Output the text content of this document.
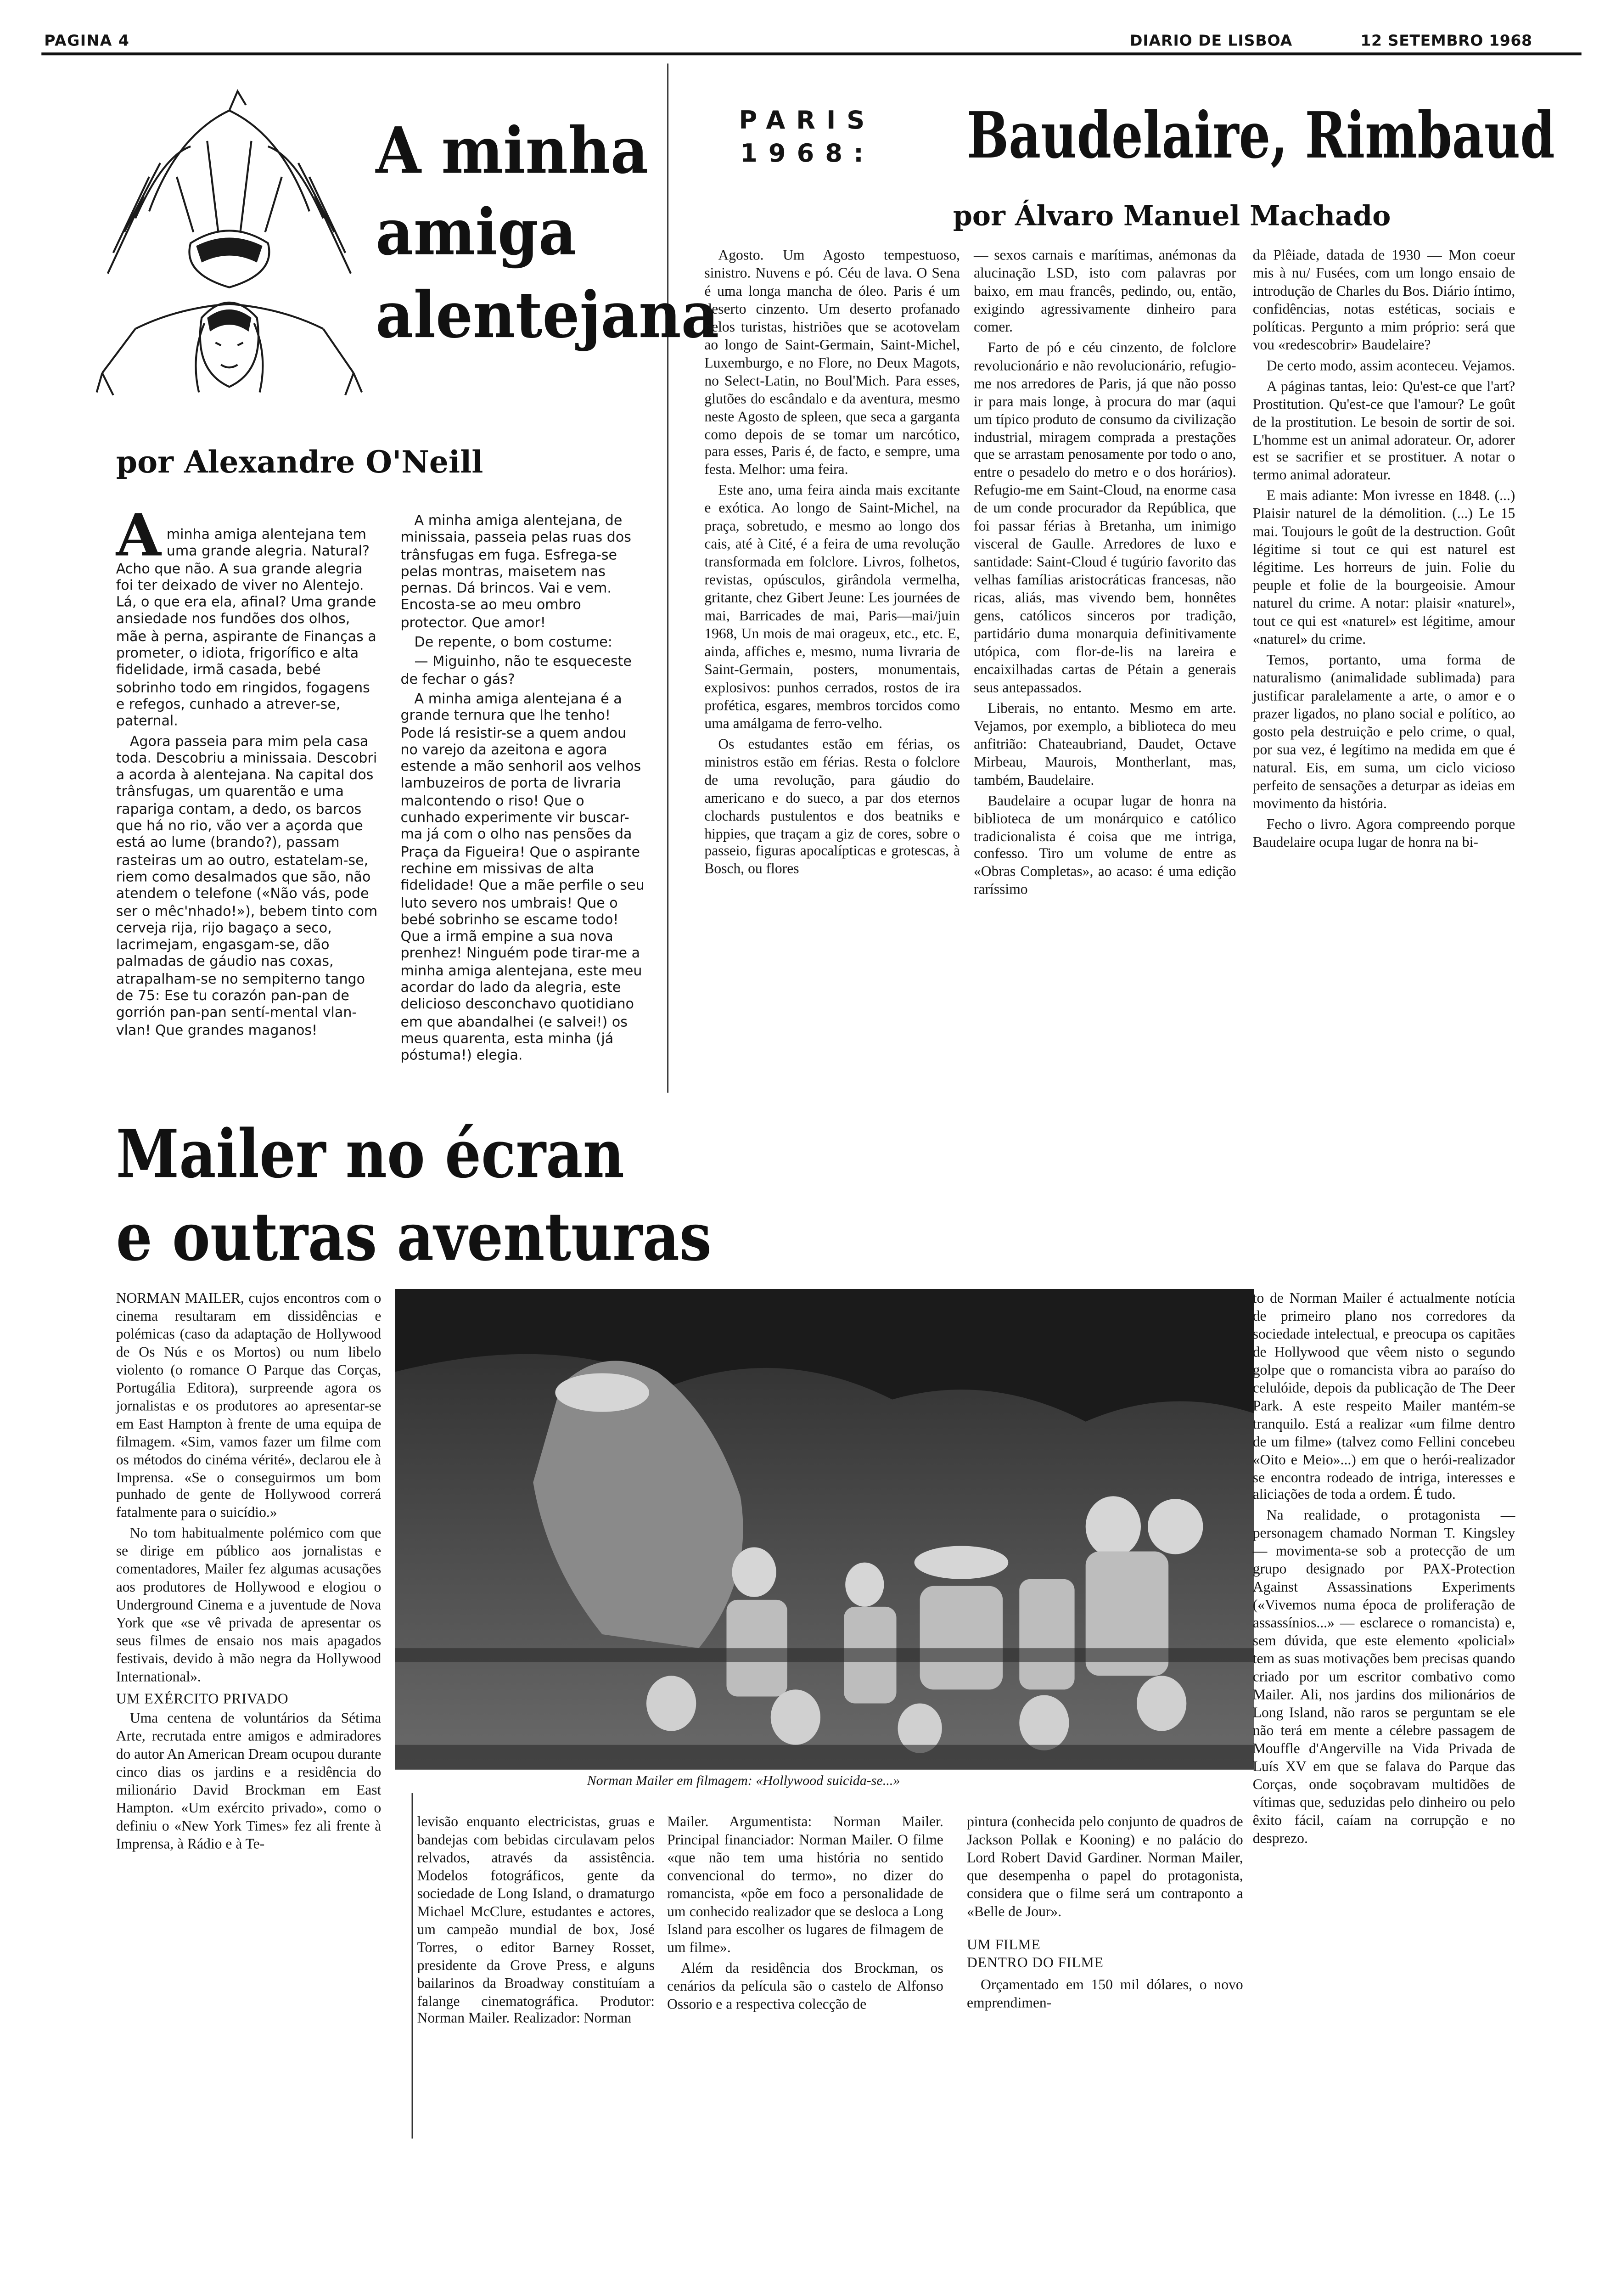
PAGINA 4	DIARIO DE LISBOA	12 SETEMBRO 1968
A minha
amiga
alentejana
por Alexandre O'Neill
A	minha amiga alentejana tem uma grande alegria. Natural? Acho que não. A sua grande alegria foi ter deixado de viver no Alentejo. Lá, o que era ela, afinal? Uma grande ansiedade nos fundões dos olhos, mãe à perna, aspirante de Finanças a prometer, o idiota, frigorífico e alta fidelidade, irmã casada, bebé sobrinho todo em ringidos, fogagens e refegos, cunhado a atrever-se, paternal.

Agora passeia para mim pela casa toda. Descobriu a minissaia. Descobri a acorda à alentejana. Na capital dos trânsfugas, um quarentão e uma rapariga contam, a dedo, os barcos que há no rio, vão ver a açorda que está ao lume (brando?), passam rasteiras um ao outro, estatelam-se, riem como desalmados que são, não atendem o telefone («Não vás, pode ser o mêc'nhado!»), bebem tinto com cerveja rija, rijo bagaço a seco, lacrimejam, engasgam-se, dão palmadas de gáudio nas coxas, atrapalham-se no sempiterno tango de 75: Ese tu corazón pan-pan de gorrión pan-pan sentí-mental vlan-vlan! Que grandes maganos!

A minha amiga alentejana, de minissaia, passeia pelas ruas dos trânsfugas em fuga. Esfrega-se pelas montras, maisetem nas pernas. Dá brincos. Vai e vem. Encosta-se ao meu ombro protector. Que amor!

De repente, o bom costume:

— Miguinho, não te esqueceste de fechar o gás?

A minha amiga alentejana é a grande ternura que lhe tenho! Pode lá resistir-se a quem andou no varejo da azeitona e agora estende a mão senhoril aos velhos lambuzeiros de porta de livraria malcontendo o riso! Que o cunhado experimente vir buscar-ma já com o olho nas pensões da Praça da Figueira! Que o aspirante rechine em missivas de alta fidelidade! Que a mãe perfile o seu luto severo nos umbrais! Que o bebé sobrinho se escame todo! Que a irmã empine a sua nova prenhez! Ninguém pode tirar-me a minha amiga alentejana, este meu acordar do lado da alegria, este delicioso desconchavo quotidiano em que abandalhei (e salvei!) os meus quarenta, esta minha (já póstuma!) elegia.

PARIS
1968:	Baudelaire, Rimbaud
por Álvaro Manuel Machado

Agosto. Um Agosto tempestuoso, sinistro. Nuvens e pó. Céu de lava. O Sena é uma longa mancha de óleo. Paris é um deserto cinzento. Um deserto profanado pelos turistas, histriões que se acotovelam ao longo de Saint-Germain, Saint-Michel, Luxemburgo, e no Flore, no Deux Magots, no Select-Latin, no Boul'Mich. Para esses, glutões do escândalo e da aventura, mesmo neste Agosto de spleen, que seca a garganta como depois de se tomar um narcótico, para esses, Paris é, de facto, e sempre, uma festa. Melhor: uma feira.

Este ano, uma feira ainda mais excitante e exótica. Ao longo de Saint-Michel, na praça, sobretudo, e mesmo ao longo dos cais, até à Cité, é a feira de uma revolução transformada em folclore. Livros, folhetos, revistas, opúsculos, girândola vermelha, gritante, chez Gibert Jeune: Les journées de mai, Barricades de mai, Paris—mai/juin 1968, Un mois de mai orageux, etc., etc. E, ainda, affiches e, mesmo, numa livraria de Saint-Germain, posters, monumentais, explosivos: punhos cerrados, rostos de ira profética, esgares, membros torcidos como uma amálgama de ferro-velho.

Os estudantes estão em férias, os ministros estão em férias. Resta o folclore de uma revolução, para gáudio do americano e do sueco, a par dos eternos clochards pustulentos e dos beatniks e hippies, que traçam a giz de cores, sobre o passeio, figuras apocalípticas e grotescas, à Bosch, ou flores

— sexos carnais e marítimas, anémonas da alucinação LSD, isto com palavras por baixo, em mau francês, pedindo, ou, então, exigindo agressivamente dinheiro para comer.

Farto de pó e céu cinzento, de folclore revolucionário e não revolucionário, refugio-me nos arredores de Paris, já que não posso ir para mais longe, à procura do mar (aqui um típico produto de consumo da civilização industrial, miragem comprada a prestações que se arrastam penosamente por todo o ano, entre o pesadelo do metro e o dos horários). Refugio-me em Saint-Cloud, na enorme casa de um conde procurador da República, que foi passar férias à Bretanha, um inimigo visceral de Gaulle. Arredores de luxo e santidade: Saint-Cloud é tugúrio favorito das velhas famílias aristocráticas francesas, não ricas, aliás, mas vivendo bem, honnêtes gens, católicos sinceros por tradição, partidário duma monarquia definitivamente utópica, com flor-de-lis na lareira e encaixilhadas cartas de Pétain a generais seus antepassados.

Liberais, no entanto. Mesmo em arte. Vejamos, por exemplo, a biblioteca do meu anfitrião: Chateaubriand, Daudet, Octave Mirbeau, Maurois, Montherlant, mas, também, Baudelaire.

Baudelaire a ocupar lugar de honra na biblioteca de um monárquico e católico tradicionalista é coisa que me intriga, confesso. Tiro um volume de entre as «Obras Completas», ao acaso: é uma edição raríssimo

da Plêiade, datada de 1930 — Mon coeur mis à nu/ Fusées, com um longo ensaio de introdução de Charles du Bos. Diário íntimo, confidências, notas estéticas, sociais e políticas. Pergunto a mim próprio: será que vou «redescobrir» Baudelaire?

De certo modo, assim aconteceu. Vejamos.

A páginas tantas, leio: Qu'est-ce que l'art? Prostitution. Qu'est-ce que l'amour? Le goût de la prostitution. Le besoin de sortir de soi. L'homme est un animal adorateur. Or, adorer est se sacrifier et se prostituer. A notar o termo animal adorateur.

E mais adiante: Mon ivresse en 1848. (...) Plaisir naturel de la démolition. (...) Le 15 mai. Toujours le goût de la destruction. Goût légitime si tout ce qui est naturel est légitime. Les horreurs de juin. Folie du peuple et folie de la bourgeoisie. Amour naturel du crime. A notar: plaisir «naturel», tout ce qui est «naturel» est légitime, amour «naturel» du crime.

Temos, portanto, uma forma de naturalismo (animalidade sublimada) para justificar paralelamente a arte, o amor e o prazer ligados, no plano social e político, ao gosto pela destruição e pelo crime, o qual, por sua vez, é legítimo na medida em que é natural. Eis, em suma, um ciclo vicioso perfeito de sensações a deturpar as ideias em movimento da história.

Fecho o livro. Agora compreendo porque Baudelaire ocupa lugar de honra na bi-

Mailer no écran
e outras aventuras
Norman Mailer em filmagem: «Hollywood suicida-se...»

NORMAN MAILER, cujos encontros com o cinema resultaram em dissidências e polémicas (caso da adaptação de Hollywood de Os Nús e os Mortos) ou num libelo violento (o romance O Parque das Corças, Portugália Editora), surpreende agora os jornalistas e os produtores ao apresentar-se em East Hampton à frente de uma equipa de filmagem. «Sim, vamos fazer um filme com os métodos do cinéma vérité», declarou ele à Imprensa. «Se o conseguirmos um bom punhado de gente de Hollywood correrá fatalmente para o suicídio.»

No tom habitualmente polémico com que se dirige em público aos jornalistas e comentadores, Mailer fez algumas acusações aos produtores de Hollywood e elogiou o Underground Cinema e a juventude de Nova York que «se vê privada de apresentar os seus filmes de ensaio nos mais apagados festivais, devido à mão negra da Hollywood International».

UM EXÉRCITO PRIVADO

Uma centena de voluntários da Sétima Arte, recrutada entre amigos e admiradores do autor An American Dream ocupou durante cinco dias os jardins e a residência do milionário David Brockman em East Hampton. «Um exército privado», como o definiu o «New York Times» fez ali frente à Imprensa, à Rádio e à Te-

levisão enquanto electricistas, gruas e bandejas com bebidas circulavam pelos relvados, através da assistência. Modelos fotográficos, gente da sociedade de Long Island, o dramaturgo Michael McClure, estudantes e actores, um campeão mundial de box, José Torres, o editor Barney Rosset, presidente da Grove Press, e alguns bailarinos da Broadway constituíam a falange cinematográfica. Produtor: Norman Mailer. Realizador: Norman

Mailer. Argumentista: Norman Mailer. Principal financiador: Norman Mailer. O filme «que não tem uma história no sentido convencional do termo», no dizer do romancista, «põe em foco a personalidade de um conhecido realizador que se desloca a Long Island para escolher os lugares de filmagem de um filme».

Além da residência dos Brockman, os cenários da película são o castelo de Alfonso Ossorio e a respectiva colecção de

pintura (conhecida pelo conjunto de quadros de Jackson Pollak e Kooning) e no palácio do Lord Robert David Gardiner. Norman Mailer, que desempenha o papel do protagonista, considera que o filme será um contraponto a «Belle de Jour».

UM FILME
DENTRO DO FILME

Orçamentado em 150 mil dólares, o novo emprendimen-

to de Norman Mailer é actualmente notícia de primeiro plano nos corredores da sociedade intelectual, e preocupa os capitães de Hollywood que vêem nisto o segundo golpe que o romancista vibra ao paraíso do celulóide, depois da publicação de The Deer Park. A este respeito Mailer mantém-se tranquilo. Está a realizar «um filme dentro de um filme» (talvez como Fellini concebeu «Oito e Meio»...) em que o herói-realizador se encontra rodeado de intriga, interesses e aliciações de toda a ordem. É tudo.

Na realidade, o protagonista — personagem chamado Norman T. Kingsley — movimenta-se sob a protecção de um grupo designado por PAX-Protection Against Assassinations Experiments («Vivemos numa época de proliferação de assassínios...» — esclarece o romancista) e, sem dúvida, que este elemento «policial» tem as suas motivações bem precisas quando criado por um escritor combativo como Mailer. Ali, nos jardins dos milionários de Long Island, não raros se perguntam se ele não terá em mente a célebre passagem de Mouffle d'Angerville na Vida Privada de Luís XV em que se falava do Parque das Corças, onde soçobravam multidões de vítimas que, seduzidas pelo dinheiro ou pelo êxito fácil, caíam na corrupção e no desprezo.
